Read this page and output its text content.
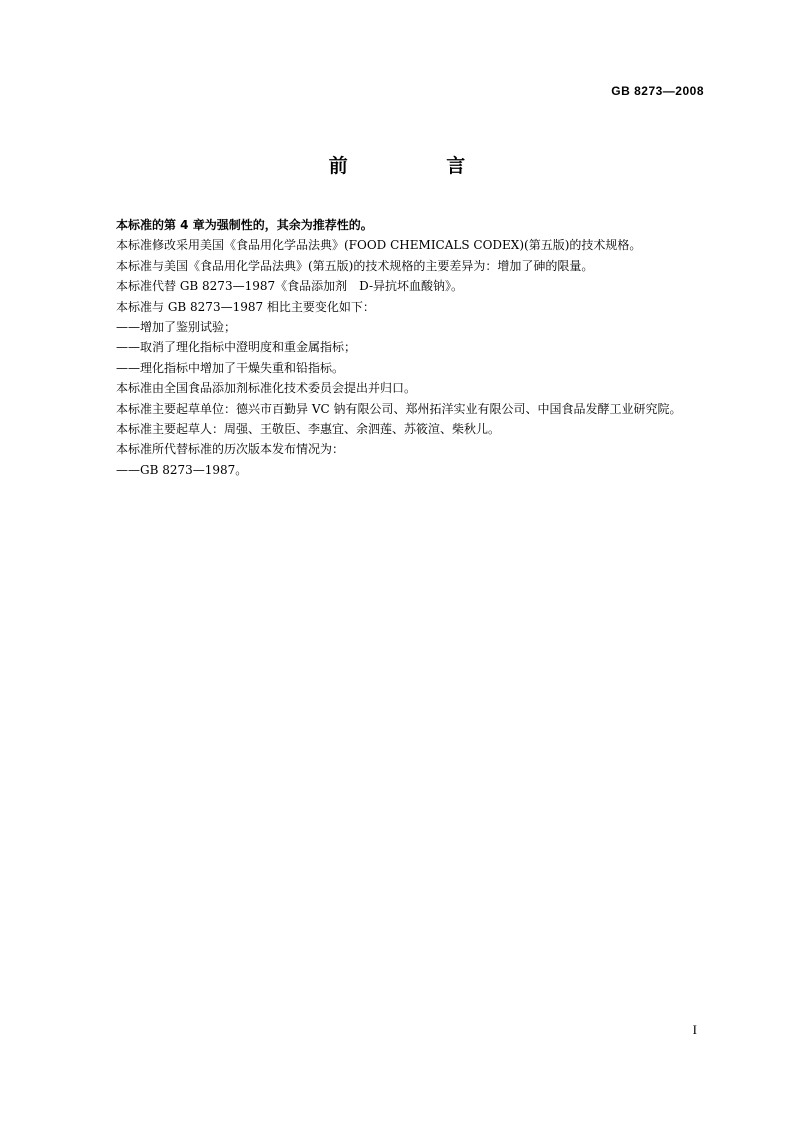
GB 8273—2008
前 言

本标准的第 4 章为强制性的，其余为推荐性的。

本标准修改采用美国《食品用化学品法典》(FOOD CHEMICALS CODEX)(第五版)的技术规格。

本标准与美国《食品用化学品法典》(第五版)的技术规格的主要差异为：增加了砷的限量。

本标准代替 GB 8273—1987《食品添加剂　D-异抗坏血酸钠》。

本标准与 GB 8273—1987 相比主要变化如下：

——增加了鉴别试验；

——取消了理化指标中澄明度和重金属指标；

——理化指标中增加了干燥失重和铅指标。

本标准由全国食品添加剂标准化技术委员会提出并归口。

本标准主要起草单位：德兴市百勤异 VC 钠有限公司、郑州拓洋实业有限公司、中国食品发酵工业研究院。

本标准主要起草人：周强、王敬臣、李惠宜、余泗莲、苏筱渲、柴秋儿。

本标准所代替标准的历次版本发布情况为：

——GB 8273—1987。

I
